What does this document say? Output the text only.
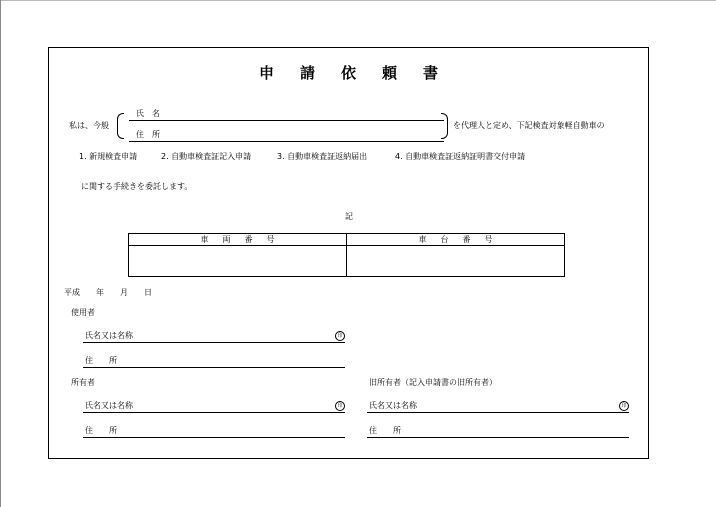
申請依頼書
私は、今般
氏　名
住　所
を代理人と定め、下記検査対象軽自動車の
1. 新規検査申請	2. 自動車検査証記入申請	3. 自動車検査証返納届出	4. 自動車検査証返納証明書交付申請
に関する手続きを委託します。
記
車両番号	車台番号

平成　　年　　月　　日
使用者
氏名又は名称	印
住　　所
所有者
氏名又は名称	印
住　　所
旧所有者（記入申請書の旧所有者）
氏名又は名称	印
住　　所
